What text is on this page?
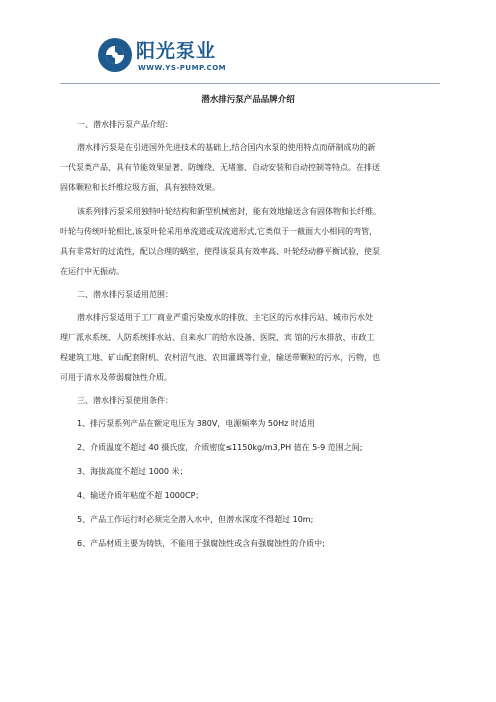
阳光泵业
WWW.YS-PUMP.COM
潜水排污泵产品品牌介绍
一、潜水排污泵产品介绍：
潜水排污泵是在引进国外先进技术的基础上,结合国内水泵的使用特点而研制成功的新
一代泵类产品，具有节能效果显著、防缠绕、无堵塞、自动安装和自动控制等特点。在排送
固体颗粒和长纤维垃圾方面，具有独特效果。
该系列排污泵采用独特叶轮结构和新型机械密封，能有效地输送含有固体物和长纤维。
叶轮与传统叶轮相比,该泵叶轮采用单流道或双流道形式,它类似于一截面大小相同的弯管，
具有非常好的过流性，配以合理的蜗室，使得该泵具有效率高、叶轮经动静平衡试验，使泵
在运行中无振动。
二、潜水排污泵适用范围：
潜水排污泵适用于工厂商业严重污染废水的排放、主宅区的污水排污站、城市污水处
理厂派水系统、人防系统排水站、自来水厂的给水设备、医院、宾 馆的污水排放、市政工
程建筑工地、矿山配套附机、农村沼气池、农田灌溉等行业，输送带颗粒的污水，污物，也
可用于清水及带弱腐蚀性介质。
三、潜水排污泵使用条件：
1、排污泵系列产品在额定电压为 380V，电源频率为 50Hz 时适用
2、介质温度不超过 40 摄氏度，介质密度≤1150kg/m3,PH 值在 5-9 范围之间;
3、海拔高度不超过 1000 米；
4、输送介质年粘度不超 1000CP；
5、产品工作运行时必须完全潜入水中，但潜水深度不得超过 10m;
6、产品材质主要为铸铁，不能用于强腐蚀性或含有强腐蚀性的介质中;
